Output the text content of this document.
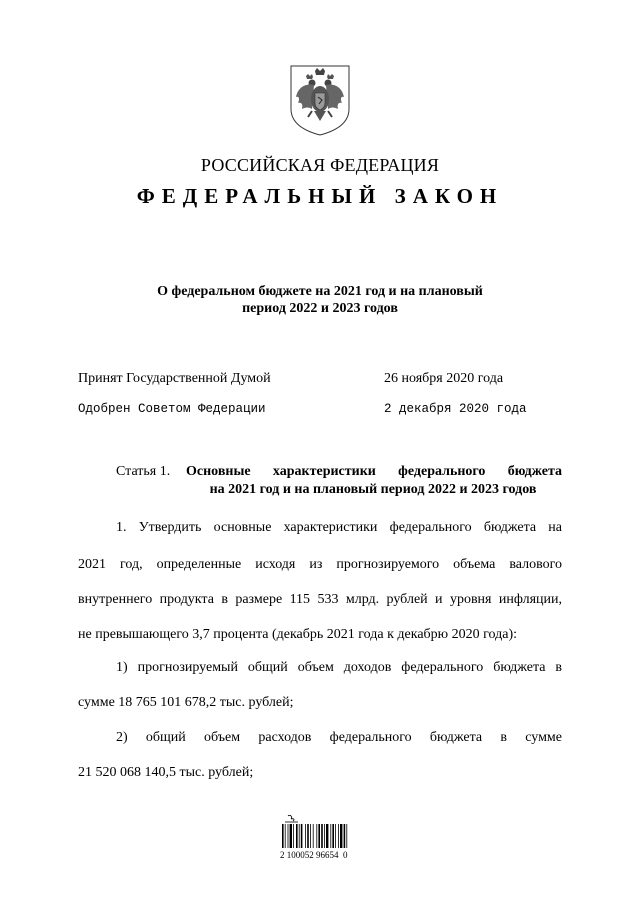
РОССИЙСКАЯ ФЕДЕРАЦИЯ
ФЕДЕРАЛЬНЫЙ ЗАКОН
О федеральном бюджете на 2021 год и на плановый
период 2022 и 2023 годов
Принят Государственной Думой	26 ноября 2020 года
Одобрен Советом Федерации	2 декабря 2020 года
Статья 1. Основные характеристики федерального бюджета
на 2021 год и на плановый период 2022 и 2023 годов
1. Утвердить основные характеристики федерального бюджета на
2021 год, определенные исходя из прогнозируемого объема валового
внутреннего продукта в размере 115 533 млрд. рублей и уровня инфляции,
не превышающего 3,7 процента (декабрь 2021 года к декабрю 2020 года):
1) прогнозируемый общий объем доходов федерального бюджета в
сумме 18 765 101 678,2 тыс. рублей;
2) общий объем расходов федерального бюджета в сумме
21 520 068 140,5 тыс. рублей;
2 100052 96654  0
